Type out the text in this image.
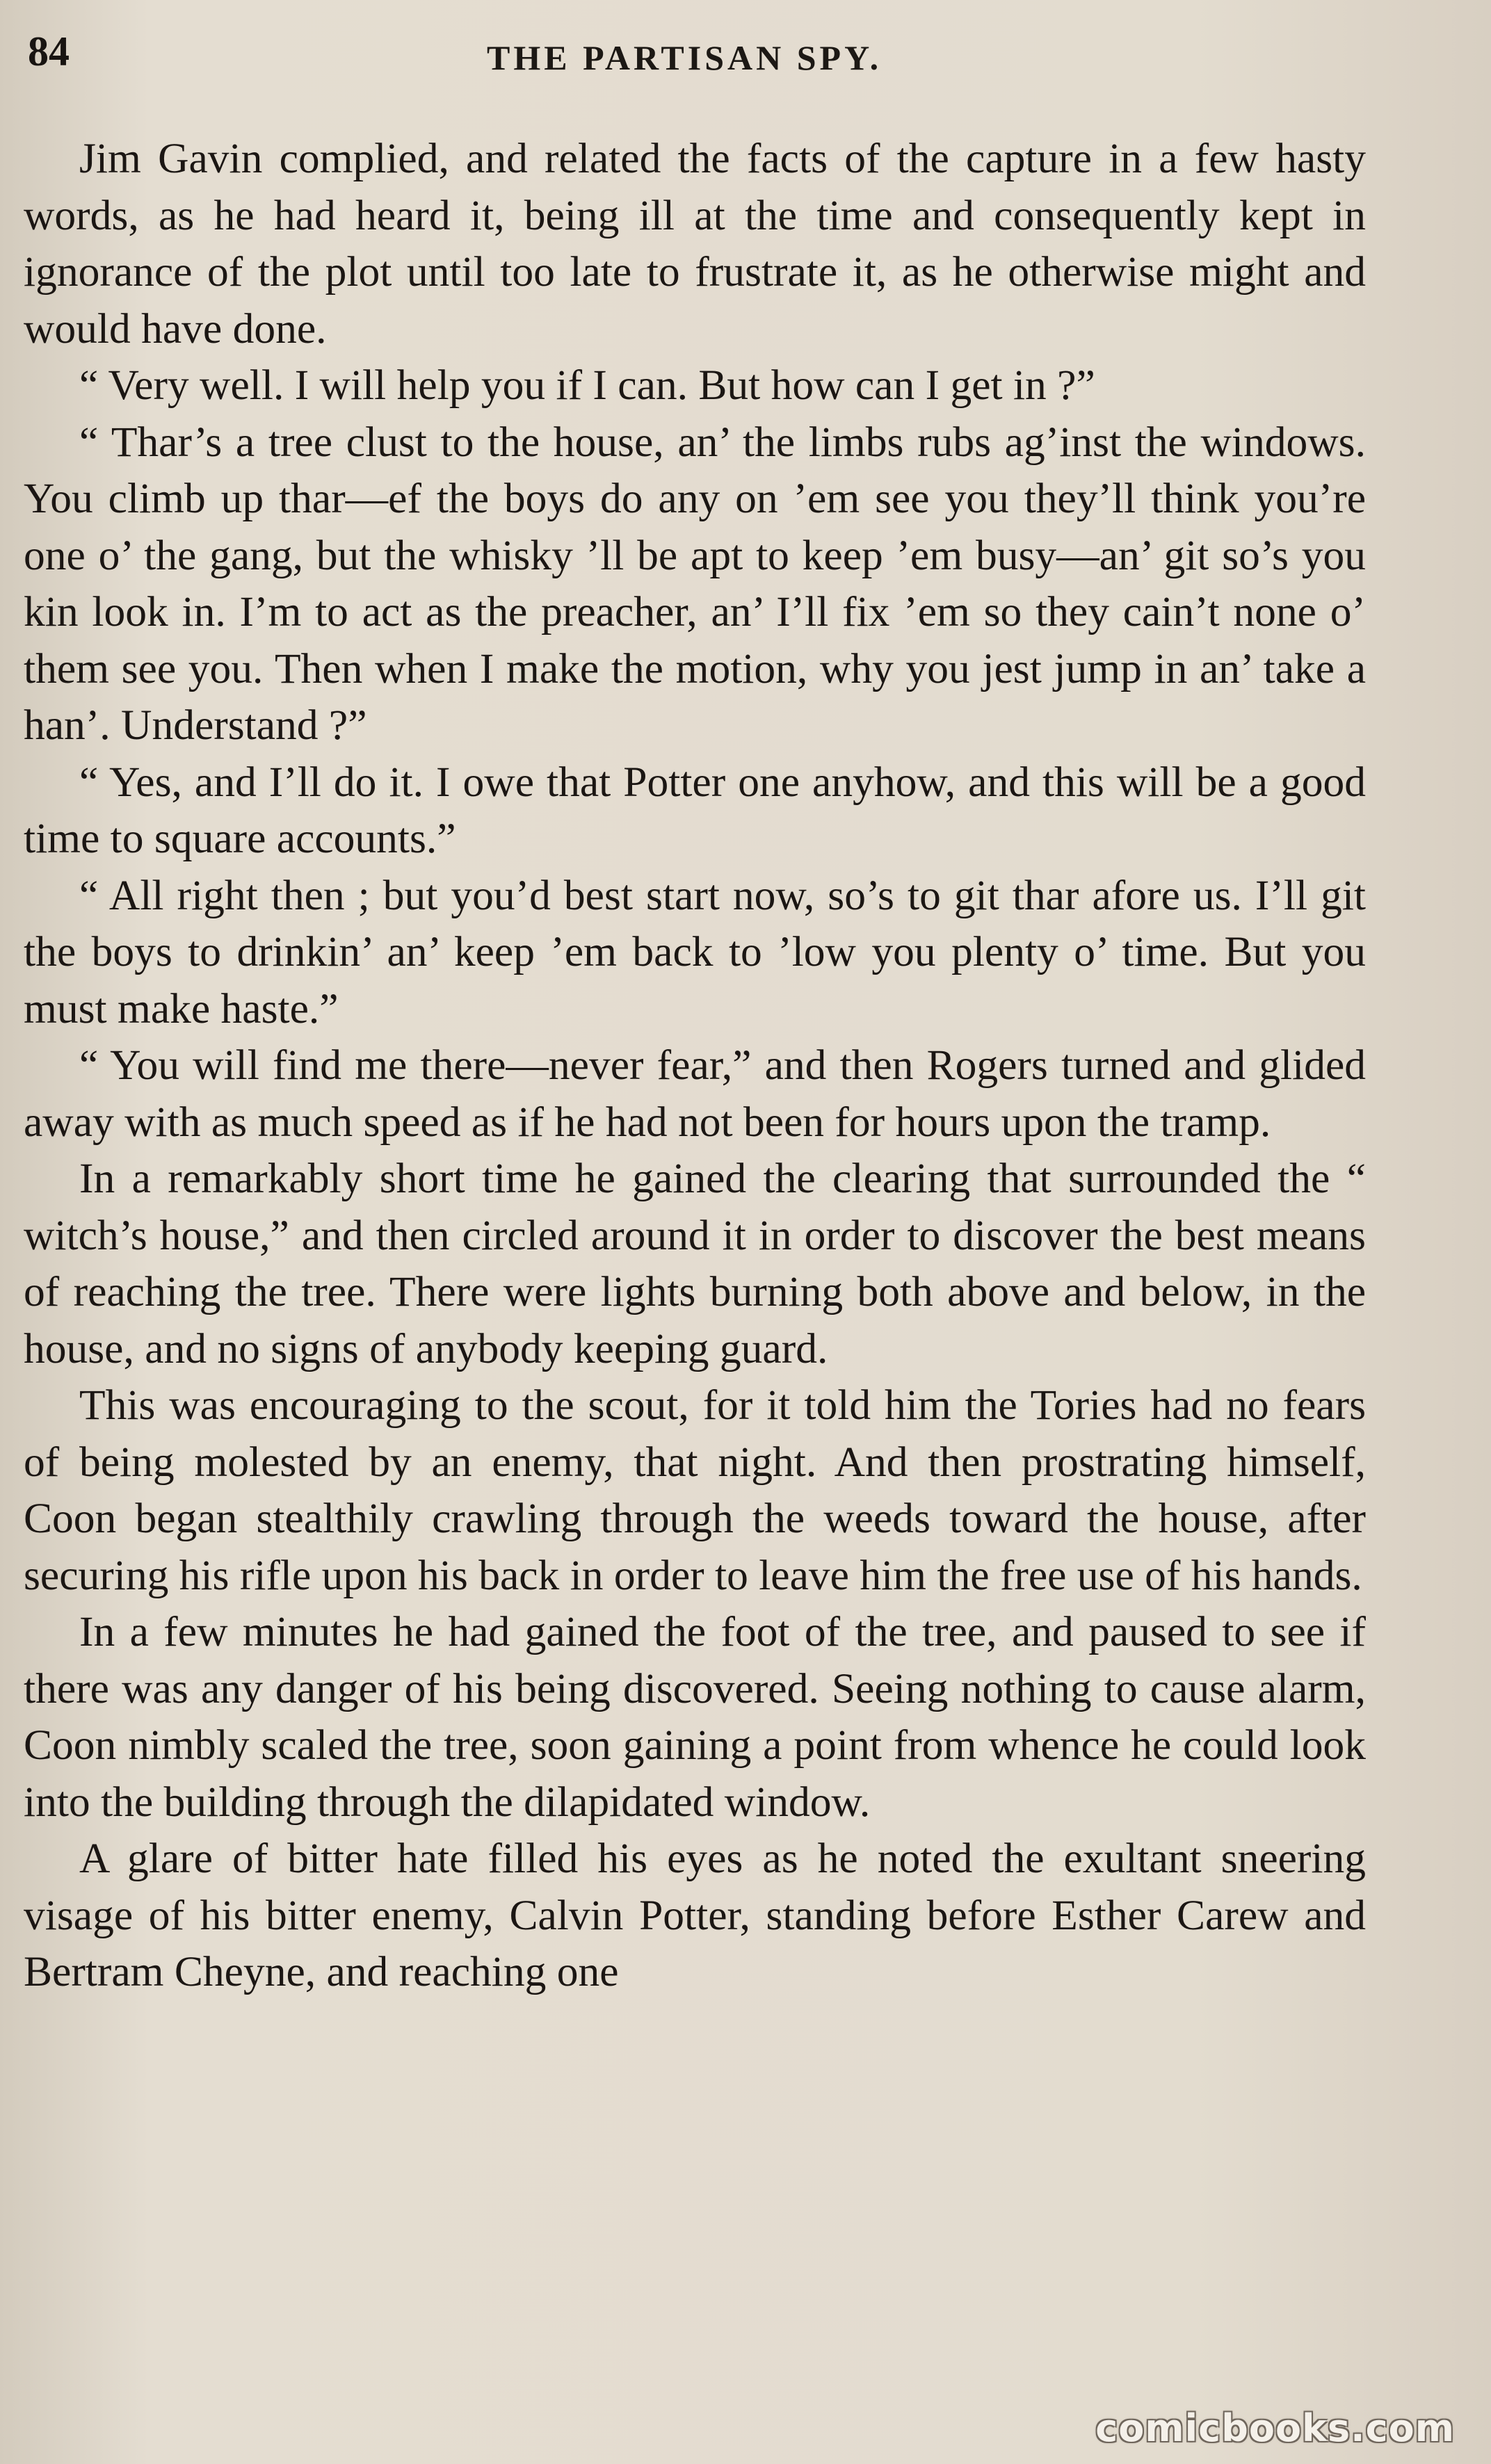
84	THE PARTISAN SPY.

Jim Gavin complied, and related the facts of the capture in a few hasty words, as he had heard it, being ill at the time and consequently kept in ignorance of the plot until too late to frustrate it, as he otherwise might and would have done.

“ Very well. I will help you if I can. But how can I get in ?”

“ Thar’s a tree clust to the house, an’ the limbs rubs ag’inst the windows. You climb up thar—ef the boys do any on ’em see you they’ll think you’re one o’ the gang, but the whisky ’ll be apt to keep ’em busy—an’ git so’s you kin look in. I’m to act as the preacher, an’ I’ll fix ’em so they cain’t none o’ them see you. Then when I make the motion, why you jest jump in an’ take a han’. Understand ?”

“ Yes, and I’ll do it. I owe that Potter one anyhow, and this will be a good time to square accounts.”

“ All right then ; but you’d best start now, so’s to git thar afore us. I’ll git the boys to drinkin’ an’ keep ’em back to ’low you plenty o’ time. But you must make haste.”

“ You will find me there—never fear,” and then Rogers turned and glided away with as much speed as if he had not been for hours upon the tramp.

In a remarkably short time he gained the clearing that surrounded the “ witch’s house,” and then circled around it in order to discover the best means of reaching the tree. There were lights burning both above and below, in the house, and no signs of anybody keeping guard.

This was encouraging to the scout, for it told him the Tories had no fears of being molested by an enemy, that night. And then prostrating himself, Coon began stealthily crawling through the weeds toward the house, after securing his rifle upon his back in order to leave him the free use of his hands.

In a few minutes he had gained the foot of the tree, and paused to see if there was any danger of his being discovered. Seeing nothing to cause alarm, Coon nimbly scaled the tree, soon gaining a point from whence he could look into the building through the dilapidated window.

A glare of bitter hate filled his eyes as he noted the exultant sneering visage of his bitter enemy, Calvin Potter, standing before Esther Carew and Bertram Cheyne, and reaching one

comicbooks.com
